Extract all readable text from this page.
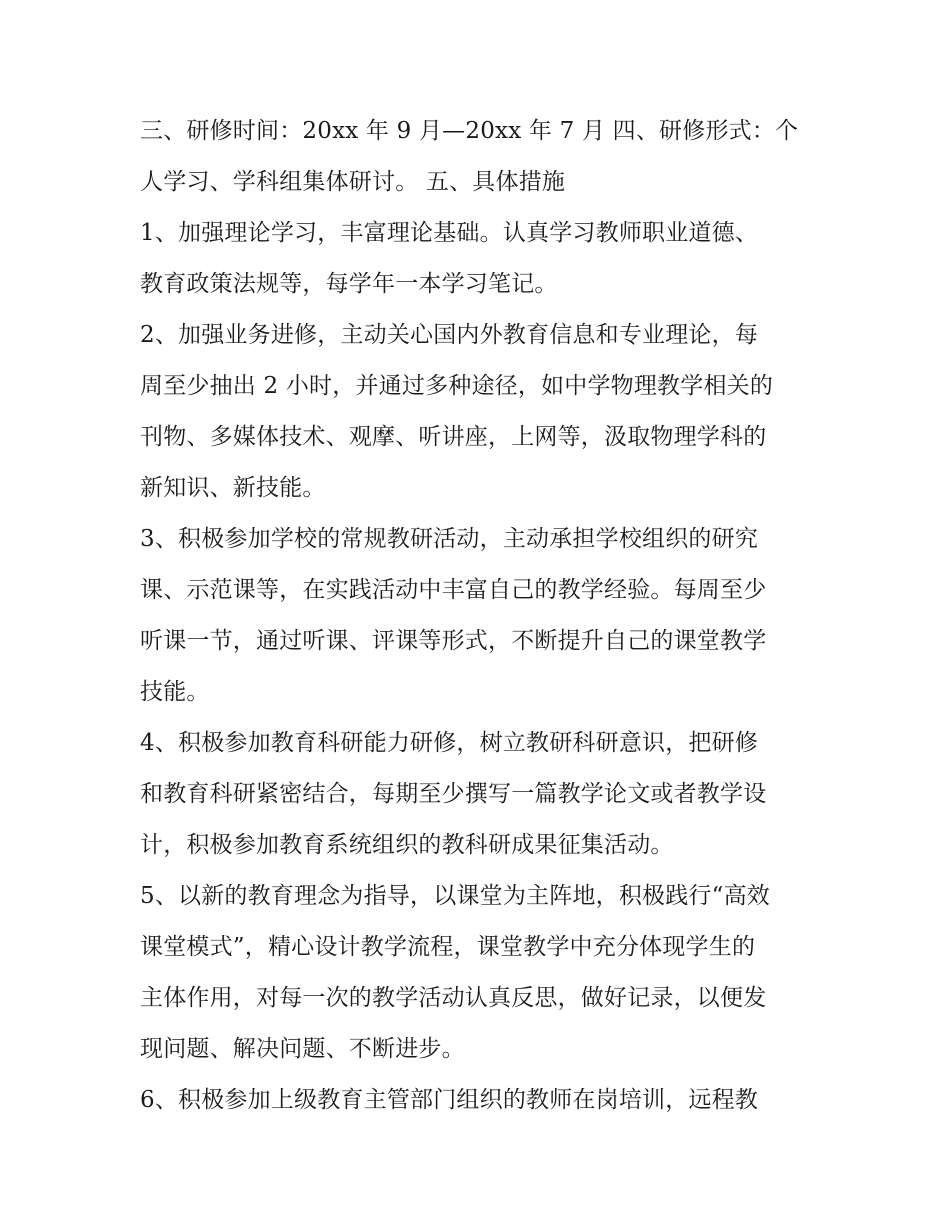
三、研修时间：20xx 年 9 月—20xx 年 7 月 四、研修形式：个
人学习、学科组集体研讨。 五、具体措施
1、加强理论学习，丰富理论基础。认真学习教师职业道德、
教育政策法规等，每学年一本学习笔记。
2、加强业务进修，主动关心国内外教育信息和专业理论，每
周至少抽出 2 小时，并通过多种途径，如中学物理教学相关的
刊物、多媒体技术、观摩、听讲座，上网等，汲取物理学科的
新知识、新技能。
3、积极参加学校的常规教研活动，主动承担学校组织的研究
课、示范课等，在实践活动中丰富自己的教学经验。每周至少
听课一节，通过听课、评课等形式，不断提升自己的课堂教学
技能。
4、积极参加教育科研能力研修，树立教研科研意识，把研修
和教育科研紧密结合，每期至少撰写一篇教学论文或者教学设
计，积极参加教育系统组织的教科研成果征集活动。
5、以新的教育理念为指导，以课堂为主阵地，积极践行“高效
课堂模式”，精心设计教学流程，课堂教学中充分体现学生的
主体作用，对每一次的教学活动认真反思，做好记录，以便发
现问题、解决问题、不断进步。
6、积极参加上级教育主管部门组织的教师在岗培训，远程教
